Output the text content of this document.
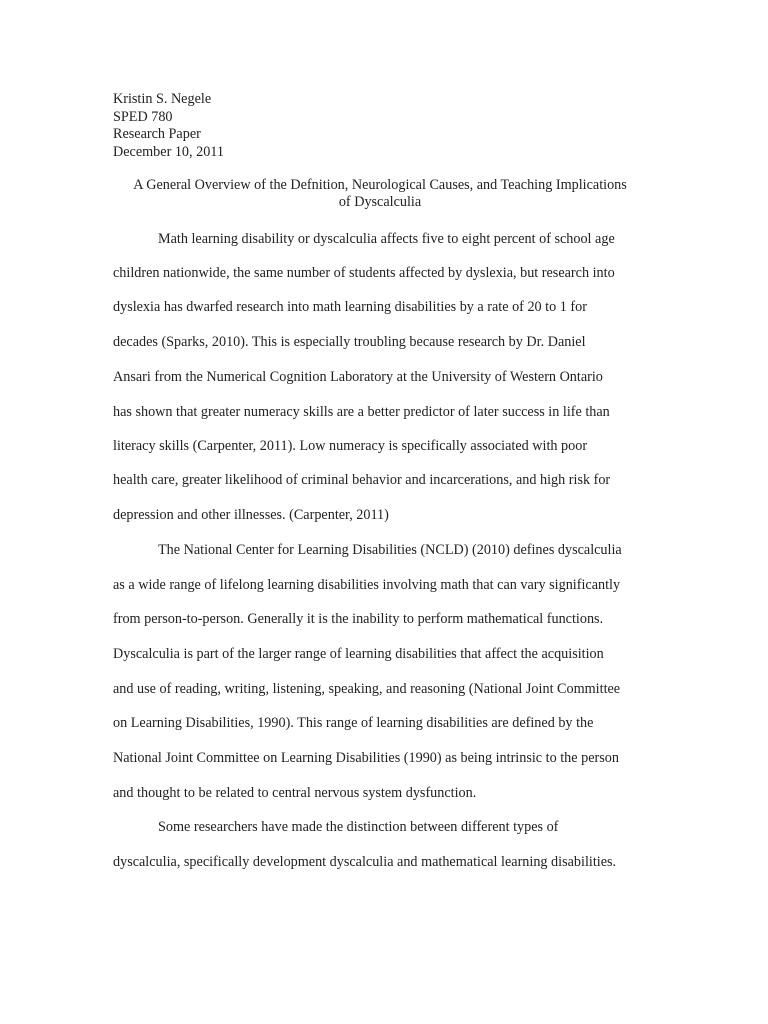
Kristin S. Negele
SPED 780
Research Paper
December 10, 2011
A General Overview of the Defnition, Neurological Causes, and Teaching Implications
of Dyscalculia
Math learning disability or dyscalculia affects five to eight percent of school age
children nationwide, the same number of students affected by dyslexia, but research into
dyslexia has dwarfed research into math learning disabilities by a rate of 20 to 1 for
decades (Sparks, 2010). This is especially troubling because research by Dr. Daniel
Ansari from the Numerical Cognition Laboratory at the University of Western Ontario
has shown that greater numeracy skills are a better predictor of later success in life than
literacy skills (Carpenter, 2011). Low numeracy is specifically associated with poor
health care, greater likelihood of criminal behavior and incarcerations, and high risk for
depression and other illnesses. (Carpenter, 2011)
The National Center for Learning Disabilities (NCLD) (2010) defines dyscalculia
as a wide range of lifelong learning disabilities involving math that can vary significantly
from person-to-person. Generally it is the inability to perform mathematical functions.
Dyscalculia is part of the larger range of learning disabilities that affect the acquisition
and use of reading, writing, listening, speaking, and reasoning (National Joint Committee
on Learning Disabilities, 1990). This range of learning disabilities are defined by the
National Joint Committee on Learning Disabilities (1990) as being intrinsic to the person
and thought to be related to central nervous system dysfunction.
Some researchers have made the distinction between different types of
dyscalculia, specifically development dyscalculia and mathematical learning disabilities.
